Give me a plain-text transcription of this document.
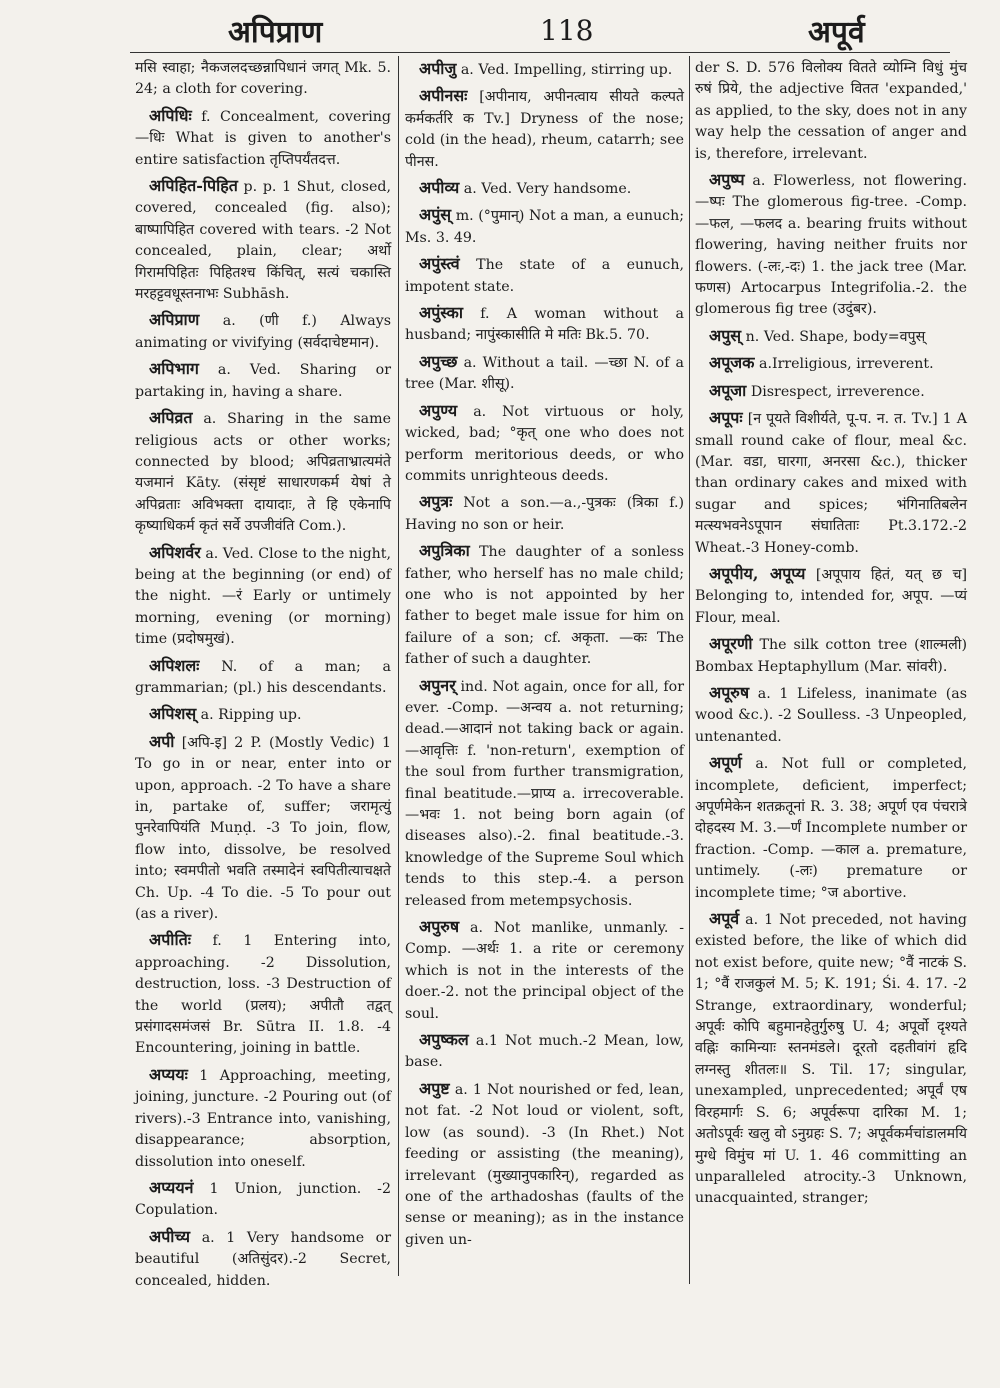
अपिप्राण	118	अपूर्व

मसि स्वाहा; नैकजलदच्छन्नापिधानं जगत् Mk. 5. 24; a cloth for covering.

अपिधिः f. Concealment, covering —धिः What is given to another's entire satisfaction तृप्तिपर्यंतदत्त.

अपिहित-पिहित p. p. 1 Shut, closed, covered, concealed (fig. also); बाष्पापिहित covered with tears. -2 Not concealed, plain, clear; अर्थो गिरामपिहितः पिहितश्च किंचित्, सत्यं चकास्ति मरहट्टवधूस्तनाभः Subhāsh.

अपिप्राण a. (णी f.) Always animating or vivifying (सर्वदाचेष्टमान).

अपिभाग a. Ved. Sharing or partaking in, having a share.

अपिव्रत a. Sharing in the same religious acts or other works; connected by blood; अपिव्रताभ्रात्यमंते यजमानं Kāty. (संसृष्टं साधारणकर्म येषां ते अपिव्रताः अविभक्ता दायादाः, ते हि एकेनापि कृष्याधिकर्म कृतं सर्वे उपजीवंति Com.).

अपिशर्वर a. Ved. Close to the night, being at the beginning (or end) of the night. —रं Early or untimely morning, evening (or morning) time (प्रदोषमुखं).

अपिशलः N. of a man; a grammarian; (pl.) his descendants.

अपिशस् a. Ripping up.

अपी [अपि-इ] 2 P. (Mostly Vedic) 1 To go in or near, enter into or upon, approach. -2 To have a share in, partake of, suffer; जरामृत्युं पुनरेवापियंति Muṇḍ. -3 To join, flow, flow into, dissolve, be resolved into; स्वमपीतो भवति तस्मादेनं स्वपितीत्याचक्षते Ch. Up. -4 To die. -5 To pour out (as a river).

अपीतिः f. 1 Entering into, approaching. -2 Dissolution, destruction, loss. -3 Destruction of the world (प्रलय); अपीतौ तद्वत् प्रसंगादसमंजसं Br. Sūtra II. 1.8. -4 Encountering, joining in battle.

अप्ययः 1 Approaching, meeting, joining, juncture. -2 Pouring out (of rivers).-3 Entrance into, vanishing, disappearance; absorption, dissolution into oneself.

अप्ययनं 1 Union, junction. -2 Copulation.

अपीच्य a. 1 Very handsome or beautiful (अतिसुंदर).-2 Secret, concealed, hidden.

अपीजु a. Ved. Impelling, stirring up.

अपीनसः [अपीनाय, अपीनत्वाय सीयते कल्पते कर्मकर्तरि क Tv.] Dryness of the nose; cold (in the head), rheum, catarrh; see पीनस.

अपीव्य a. Ved. Very handsome.

अपुंस् m. (°पुमान्) Not a man, a eunuch; Ms. 3. 49.

अपुंस्त्वं The state of a eunuch, impotent state.

अपुंस्का f. A woman without a husband; नापुंस्कासीति मे मतिः Bk.5. 70.

अपुच्छ a. Without a tail. —च्छा N. of a tree (Mar. शीसू).

अपुण्य a. Not virtuous or holy, wicked, bad; °कृत् one who does not perform meritorious deeds, or who commits unrighteous deeds.

अपुत्रः Not a son.—a.,-पुत्रकः (त्रिका f.) Having no son or heir.

अपुत्रिका The daughter of a sonless father, who herself has no male child; one who is not appointed by her father to beget male issue for him on failure of a son; cf. अकृता. —कः The father of such a daughter.

अपुनर् ind. Not again, once for all, for ever. -Comp. —अन्वय a. not returning; dead.—आदानं not taking back or again. —आवृत्तिः f. 'non-return', exemption of the soul from further transmigration, final beatitude.—प्राप्य a. irrecoverable. —भवः 1. not being born again (of diseases also).-2. final beatitude.-3. knowledge of the Supreme Soul which tends to this step.-4. a person released from metempsychosis.

अपुरुष a. Not manlike, unmanly. -Comp. —अर्थः 1. a rite or ceremony which is not in the interests of the doer.-2. not the principal object of the soul.

अपुष्कल a.1 Not much.-2 Mean, low, base.

अपुष्ट a. 1 Not nourished or fed, lean, not fat. -2 Not loud or violent, soft, low (as sound). -3 (In Rhet.) Not feeding or assisting (the meaning), irrelevant (मुख्यानुपकारिन्), regarded as one of the arthadoshas (faults of the sense or meaning); as in the instance given un-

der S. D. 576 विलोक्य वितते व्योम्नि विधुं मुंच रुषं प्रिये, the adjective वितत 'expanded,' as applied, to the sky, does not in any way help the cessation of anger and is, therefore, irrelevant.

अपुष्प a. Flowerless, not flowering. —ष्पः The glomerous fig-tree. -Comp. —फल, —फलद a. bearing fruits without flowering, having neither fruits nor flowers. (-लः,-दः) 1. the jack tree (Mar. फणस) Artocarpus Integrifolia.-2. the glomerous fig tree (उदुंबर).

अपुस् n. Ved. Shape, body=वपुस्

अपूजक a.Irreligious, irreverent.

अपूजा Disrespect, irreverence.

अपूपः [न पूयते विशीर्यते, पू-प. न. त. Tv.] 1 A small round cake of flour, meal &c. (Mar. वडा, घारगा, अनरसा &c.), thicker than ordinary cakes and mixed with sugar and spices; भंगिनातिबलेन मत्स्यभवनेऽपूपान संघातिताः Pt.3.172.-2 Wheat.-3 Honey-comb.

अपूपीय, अपूप्य [अपूपाय हितं, यत् छ च] Belonging to, intended for, अपूप. —प्यं Flour, meal.

अपूरणी The silk cotton tree (शाल्मली) Bombax Heptaphyllum (Mar. सांवरी).

अपूरुष a. 1 Lifeless, inanimate (as wood &c.). -2 Soulless. -3 Unpeopled, untenanted.

अपूर्ण a. Not full or completed, incomplete, deficient, imperfect; अपूर्णमेकेन शतक्रतूनां R. 3. 38; अपूर्ण एव पंचरात्रे दोहदस्य M. 3.—र्णं Incomplete number or fraction. -Comp. —काल a. premature, untimely. (-लः) premature or incomplete time; °ज abortive.

अपूर्व a. 1 Not preceded, not having existed before, the like of which did not exist before, quite new; °वैं नाटकं S. 1; °वैं राजकुलं M. 5; K. 191; Śi. 4. 17. -2 Strange, extraordinary, wonderful; अपूर्वः कोपि बहुमानहेतुर्गुरुषु U. 4; अपूर्वो दृश्यते वह्निः कामिन्याः स्तनमंडले। दूरतो दहतीवांगं हृदि लग्नस्तु शीतलः॥ S. Til. 17; singular, unexampled, unprecedented; अपूर्वं एष विरहमार्गः S. 6; अपूर्वरूपा दारिका M. 1; अतोऽपूर्वः खलु वो ऽनुग्रहः S. 7; अपूर्वकर्मचांडालमयि मुग्धे विमुंच मां U. 1. 46 committing an unparalleled atrocity.-3 Unknown, unacquainted, stranger;
